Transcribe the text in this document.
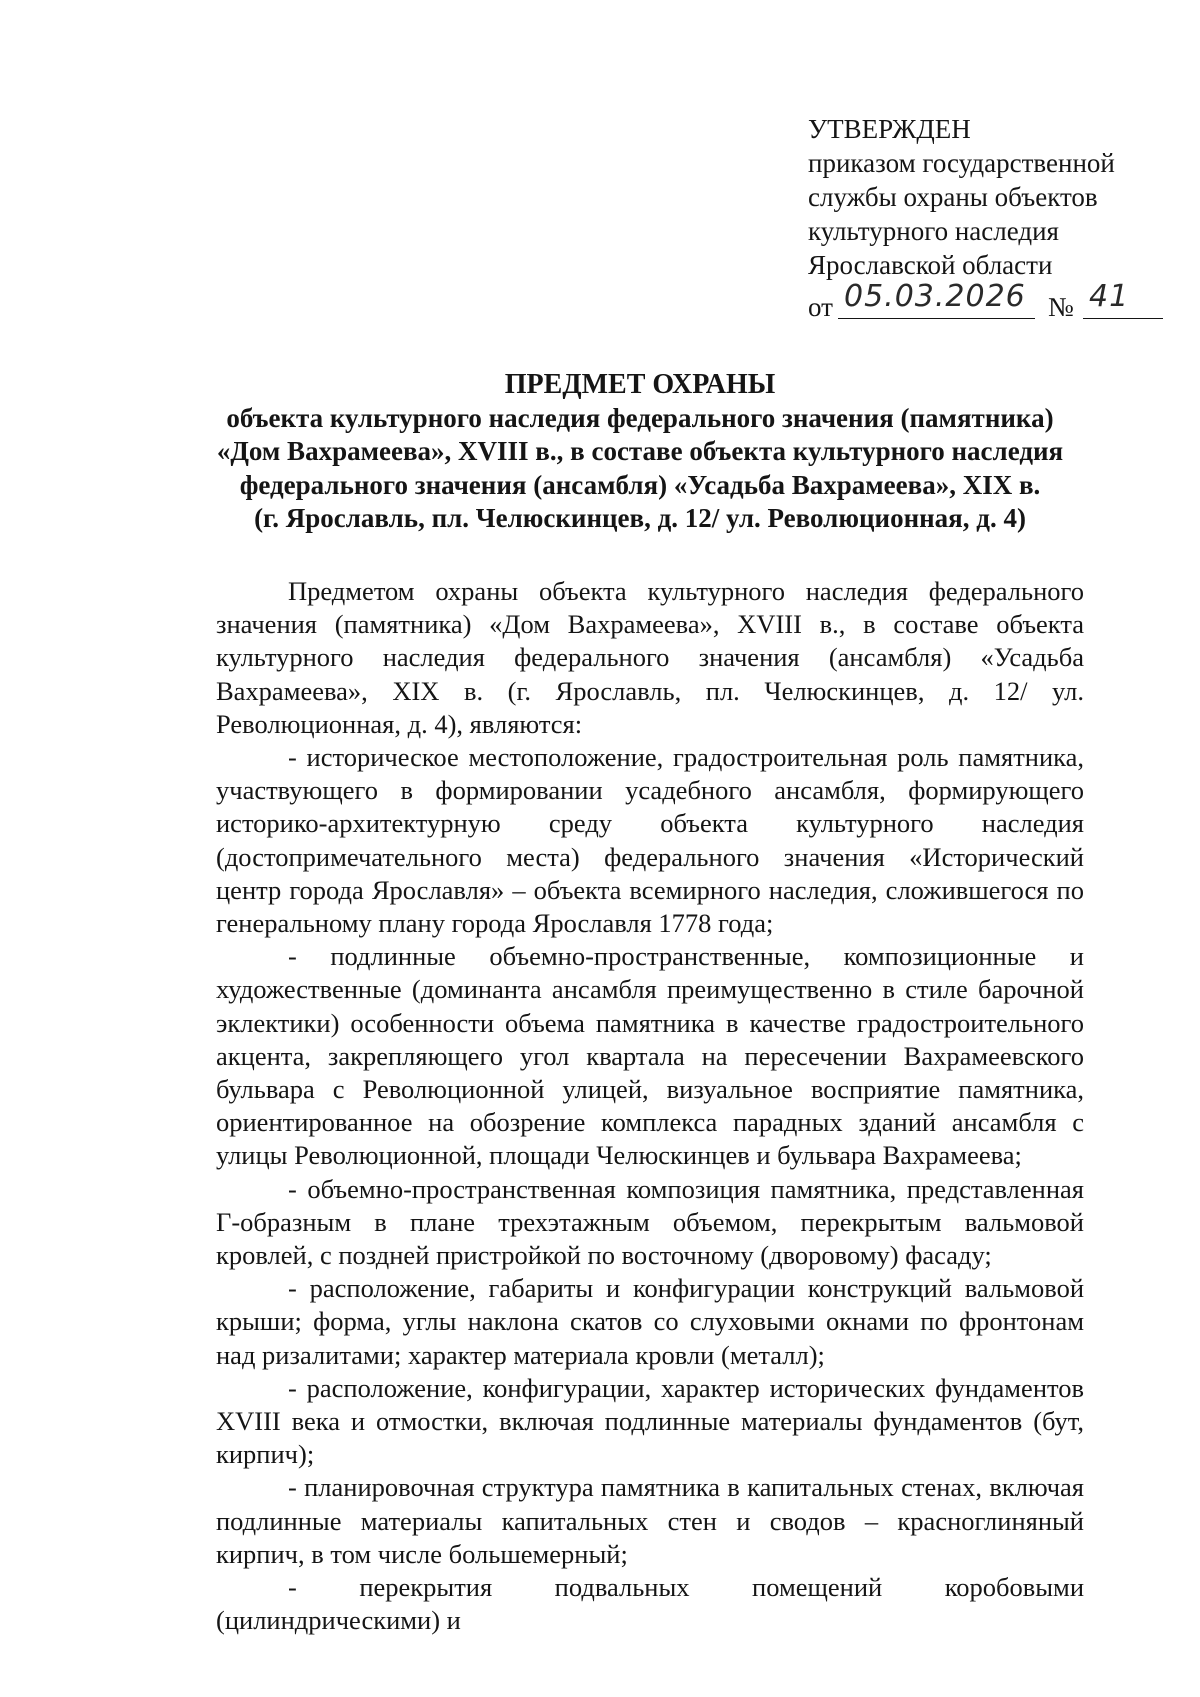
УТВЕРЖДЕН
приказом государственной
службы охраны объектов
культурного наследия
Ярославской области
от 05.03.2026 № 41
ПРЕДМЕТ ОХРАНЫ
объекта культурного наследия федерального значения (памятника)
«Дом Вахрамеева», XVIII в., в составе объекта культурного наследия
федерального значения (ансамбля) «Усадьба Вахрамеева», XIX в.
(г. Ярославль, пл. Челюскинцев, д. 12/ ул. Революционная, д. 4)

Предметом охраны объекта культурного наследия федерального значения (памятника) «Дом Вахрамеева», XVIII в., в составе объекта культурного наследия федерального значения (ансамбля) «Усадьба Вахрамеева», XIX в. (г. Ярославль, пл. Челюскинцев, д. 12/ ул. Революционная, д. 4), являются:

- историческое местоположение, градостроительная роль памятника, участвующего в формировании усадебного ансамбля, формирующего историко-архитектурную среду объекта культурного наследия (достопримечательного места) федерального значения «Исторический центр города Ярославля» – объекта всемирного наследия, сложившегося по генеральному плану города Ярославля 1778 года;

- подлинные объемно-пространственные, композиционные и художественные (доминанта ансамбля преимущественно в стиле барочной эклектики) особенности объема памятника в качестве градостроительного акцента, закрепляющего угол квартала на пересечении Вахрамеевского бульвара с Революционной улицей, визуальное восприятие памятника, ориентированное на обозрение комплекса парадных зданий ансамбля с улицы Революционной, площади Челюскинцев и бульвара Вахрамеева;

- объемно-пространственная композиция памятника, представленная Г-образным в плане трехэтажным объемом, перекрытым вальмовой кровлей, с поздней пристройкой по восточному (дворовому) фасаду;

- расположение, габариты и конфигурации конструкций вальмовой крыши; форма, углы наклона скатов со слуховыми окнами по фронтонам над ризалитами; характер материала кровли (металл);

- расположение, конфигурации, характер исторических фундаментов XVIII века и отмостки, включая подлинные материалы фундаментов (бут, кирпич);

- планировочная структура памятника в капитальных стенах, включая подлинные материалы капитальных стен и сводов – красноглиняный кирпич, в том числе большемерный;

- перекрытия подвальных помещений коробовыми (цилиндрическими) и
